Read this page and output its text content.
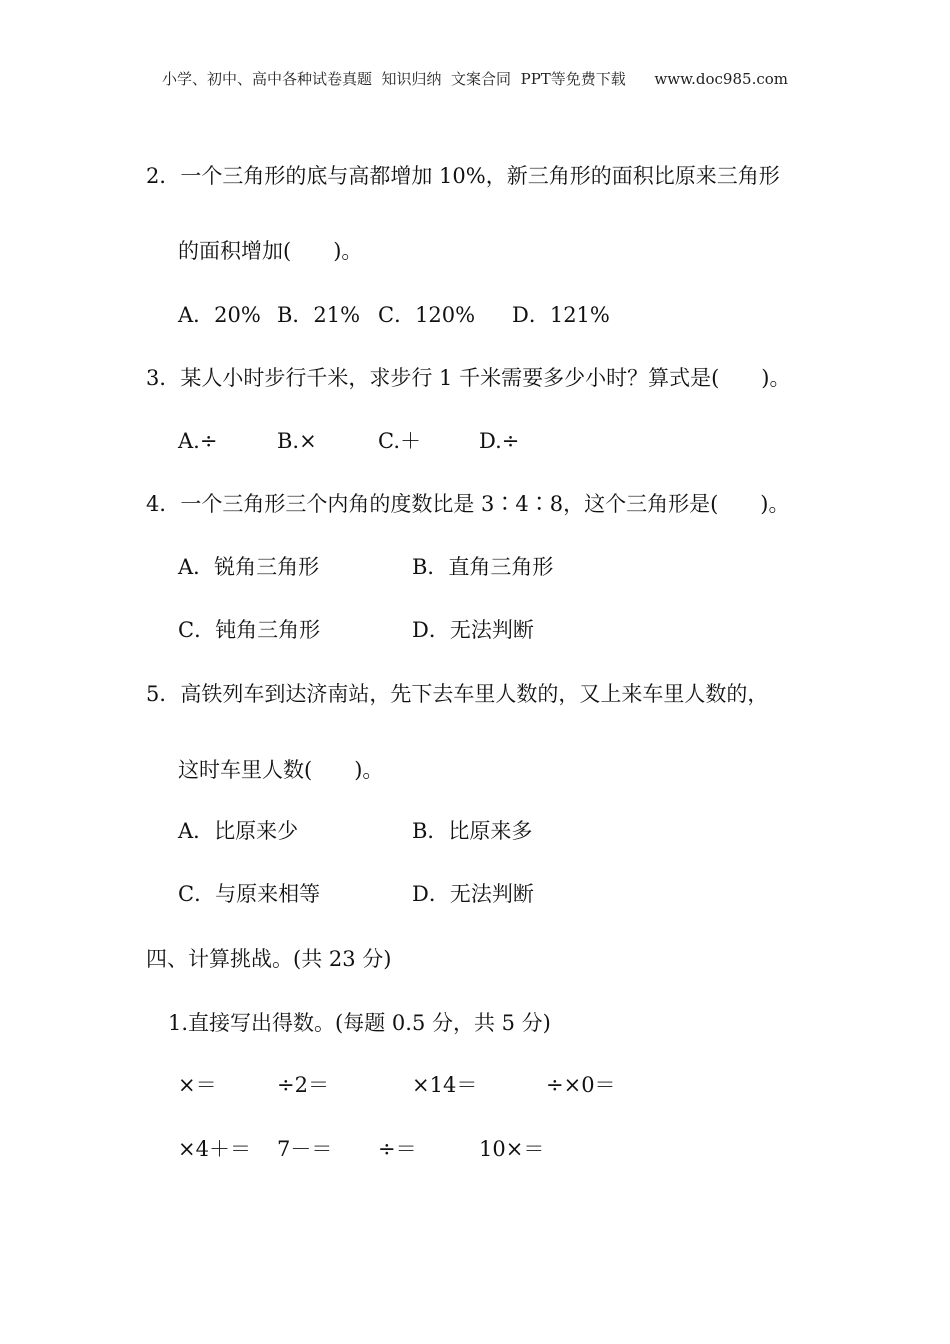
小学、初中、高中各种试卷真题  知识归纳  文案合同  PPT等免费下载      www.doc985.com
2．一个三角形的底与高都增加 10%，新三角形的面积比原来三角形
的面积增加(　　)。
A．20% B．21% C．120% D．121%
3．某人小时步行千米，求步行 1 千米需要多少小时？算式是(　　)。
A.÷	B.×	C.＋	D.÷
4．一个三角形三个内角的度数比是 3∶4∶8，这个三角形是(　　)。
A．锐角三角形	B．直角三角形
C．钝角三角形	D．无法判断
5．高铁列车到达济南站，先下去车里人数的，又上来车里人数的，
这时车里人数(　　)。
A．比原来少	B．比原来多
C．与原来相等	D．无法判断
四、计算挑战。(共 23 分)
1.直接写出得数。(每题 0.5 分，共 5 分)
×＝	÷2＝	×14＝	÷×0＝
×4＋＝ 7－＝ ÷＝	10×＝
